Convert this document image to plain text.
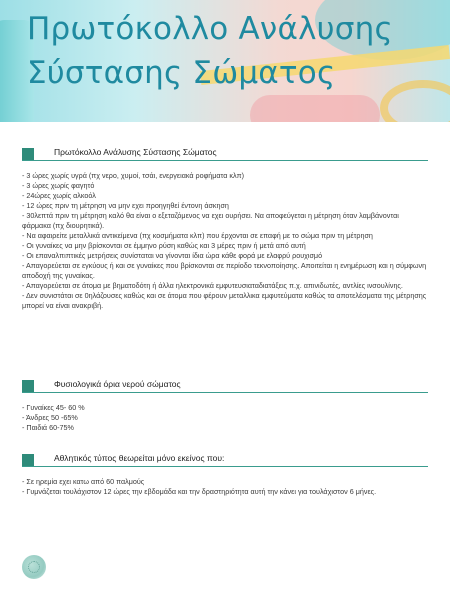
Πρωτόκολλο Ανάλυσης
Σύστασης Σώματος
Πρωτόκολλο Ανάλυσης Σύστασης Σώματος
- 3 ώρες χωρίς υγρά (πχ νερο, χυμοί, τσάι, ενεργειακά ροφήματα κλπ)
- 3 ώρες χωρίς φαγητό
- 24ώρες χωρίς αλκοόλ
- 12 ώρες πριν τη μέτρηση να μην εχει προηγηθεί έντονη άσκηση
- 30λεπτά πριν τη μέτρηση καλό θα είναι ο εξεταζόμενος να εχει ουρήσει. Να αποφεύγεται η μέτρηση όταν λαμβάνονται φάρμακα (πχ διουρητικά).
- Να αφαιρείτε μεταλλικά αντικείμενα (πχ κοσμήματα κλπ) που έρχονται σε επαφή με το σώμα πριν τη μέτρηση
- Οι γυναίκες να μην βρίσκονται σε έμμηνο ρύση καθώς και 3 μέρες πριν ή μετά από αυτή
- Οι επαναλπιπτικές μετρήσεις συνίσταται να γίνονται ίδια ώρα κάθε φορά με ελαφρύ ρουχισμό
- Απαγορεύεται σε εγκύους ή και σε γυναίκες που βρίσκονται σε περίοδο τεκνοποίησης. Αποιτείται η ενημέρωση και η σύμφωνη αποδοχή της γυναίκας.
- Απαγορεύεται σε άτομα με βηματοδότη ή άλλα ηλεκτρονικά εμφυτευσιαταδιατάξεις π.χ. απινιδωτές, αντλίες ινσουλίνης.
- Δεν συνιστάται σε 0ηλάζουσες καθώς και σε άτομα που φέρουν μεταλλικα εμφυτεύματα καθώς τα αποτελέσματα της μέτρησης μπορεί να είναι ανακριβή.
Φυσιολογικά όρια νερού σώματος
- Γυναίκες 45- 60 %
- Άνδρες 50 -65%
- Παιδιά 60-75%
Αθλητικός τύπος θεωρείται μόνο εκείνος που:
- Σε ηρεμία εχει κατω από 60 παλμούς
- Γυμνάζεται τουλάχιστον 12 ώρες την εβδομάδα και την δραστηριότητα αυτή την κάνει για τουλάχιστον 6 μήνες.
